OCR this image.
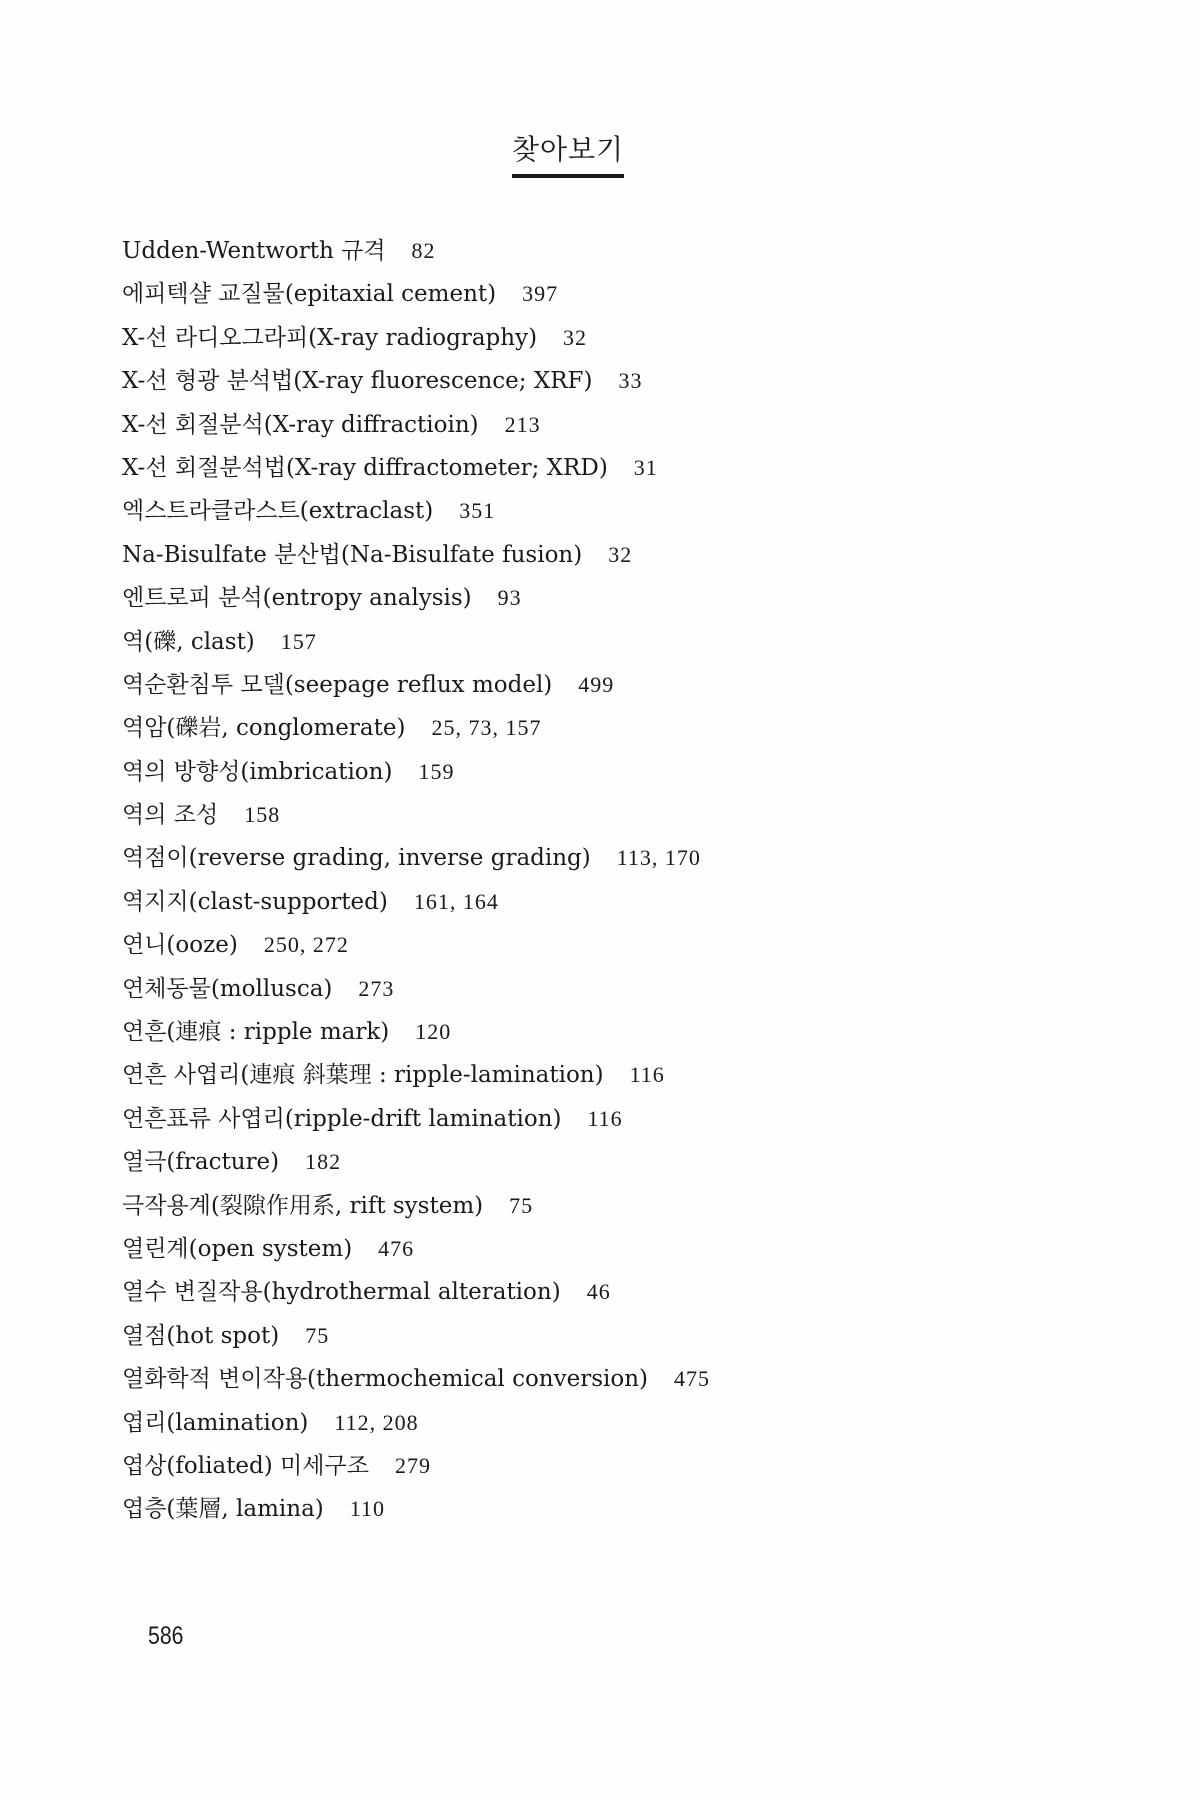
찾아보기
Udden-Wentworth 규격 82
에피텍샬 교질물(epitaxial cement) 397
X-선 라디오그라피(X-ray radiography) 32
X-선 형광 분석법(X-ray fluorescence; XRF) 33
X-선 회절분석(X-ray diffractioin) 213
X-선 회절분석법(X-ray diffractometer; XRD) 31
엑스트라클라스트(extraclast) 351
Na-Bisulfate 분산법(Na-Bisulfate fusion) 32
엔트로피 분석(entropy analysis) 93
역(礫, clast) 157
역순환침투 모델(seepage reflux model) 499
역암(礫岩, conglomerate) 25, 73, 157
역의 방향성(imbrication) 159
역의 조성 158
역점이(reverse grading, inverse grading) 113, 170
역지지(clast-supported) 161, 164
연니(ooze) 250, 272
연체동물(mollusca) 273
연흔(連痕 : ripple mark) 120
연흔 사엽리(連痕 斜葉理 : ripple-lamination) 116
연흔표류 사엽리(ripple-drift lamination) 116
열극(fracture) 182
극작용계(裂隙作用系, rift system) 75
열린계(open system) 476
열수 변질작용(hydrothermal alteration) 46
열점(hot spot) 75
열화학적 변이작용(thermochemical conversion) 475
엽리(lamination) 112, 208
엽상(foliated) 미세구조 279
엽층(葉層, lamina) 110
586
